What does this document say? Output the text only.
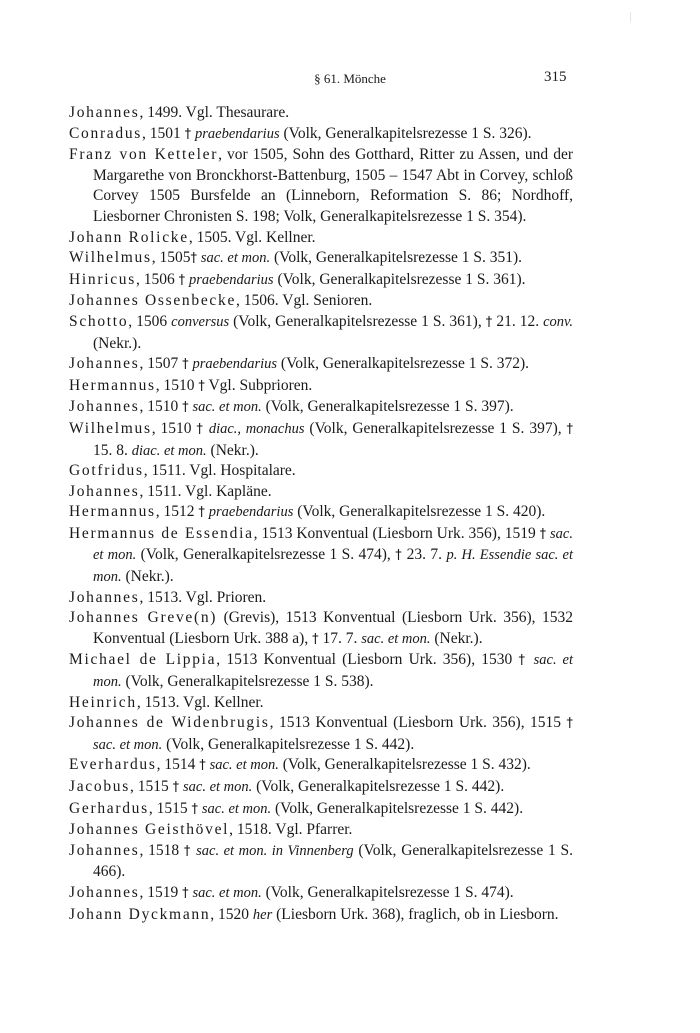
§ 61. Mönche	315
Johannes, 1499. Vgl. Thesaurare.
Conradus, 1501 † praebendarius (Volk, Generalkapitelsrezesse 1 S. 326).
Franz von Ketteler, vor 1505, Sohn des Gotthard, Ritter zu Assen, und der Margarethe von Bronckhorst-Battenburg, 1505 – 1547 Abt in Corvey, schloß Corvey 1505 Bursfelde an (Linneborn, Reformation S. 86; Nordhoff, Liesborner Chronisten S. 198; Volk, Generalkapitelsrezesse 1 S. 354).
Johann Rolicke, 1505. Vgl. Kellner.
Wilhelmus, 1505† sac. et mon. (Volk, Generalkapitelsrezesse 1 S. 351).
Hinricus, 1506 † praebendarius (Volk, Generalkapitelsrezesse 1 S. 361).
Johannes Ossenbecke, 1506. Vgl. Senioren.
Schotto, 1506 conversus (Volk, Generalkapitelsrezesse 1 S. 361), † 21. 12. conv. (Nekr.).
Johannes, 1507 † praebendarius (Volk, Generalkapitelsrezesse 1 S. 372).
Hermannus, 1510 † Vgl. Subprioren.
Johannes, 1510 † sac. et mon. (Volk, Generalkapitelsrezesse 1 S. 397).
Wilhelmus, 1510 † diac., monachus (Volk, Generalkapitelsrezesse 1 S. 397), † 15. 8. diac. et mon. (Nekr.).
Gotfridus, 1511. Vgl. Hospitalare.
Johannes, 1511. Vgl. Kapläne.
Hermannus, 1512 † praebendarius (Volk, Generalkapitelsrezesse 1 S. 420).
Hermannus de Essendia, 1513 Konventual (Liesborn Urk. 356), 1519 † sac. et mon. (Volk, Generalkapitelsrezesse 1 S. 474), † 23. 7. p. H. Essendie sac. et mon. (Nekr.).
Johannes, 1513. Vgl. Prioren.
Johannes Greve(n) (Grevis), 1513 Konventual (Liesborn Urk. 356), 1532 Konventual (Liesborn Urk. 388 a), † 17. 7. sac. et mon. (Nekr.).
Michael de Lippia, 1513 Konventual (Liesborn Urk. 356), 1530 † sac. et mon. (Volk, Generalkapitelsrezesse 1 S. 538).
Heinrich, 1513. Vgl. Kellner.
Johannes de Widenbrugis, 1513 Konventual (Liesborn Urk. 356), 1515 † sac. et mon. (Volk, Generalkapitelsrezesse 1 S. 442).
Everhardus, 1514 † sac. et mon. (Volk, Generalkapitelsrezesse 1 S. 432).
Jacobus, 1515 † sac. et mon. (Volk, Generalkapitelsrezesse 1 S. 442).
Gerhardus, 1515 † sac. et mon. (Volk, Generalkapitelsrezesse 1 S. 442).
Johannes Geisthövel, 1518. Vgl. Pfarrer.
Johannes, 1518 † sac. et mon. in Vinnenberg (Volk, Generalkapitelsrezesse 1 S. 466).
Johannes, 1519 † sac. et mon. (Volk, Generalkapitelsrezesse 1 S. 474).
Johann Dyckmann, 1520 her (Liesborn Urk. 368), fraglich, ob in Liesborn.
